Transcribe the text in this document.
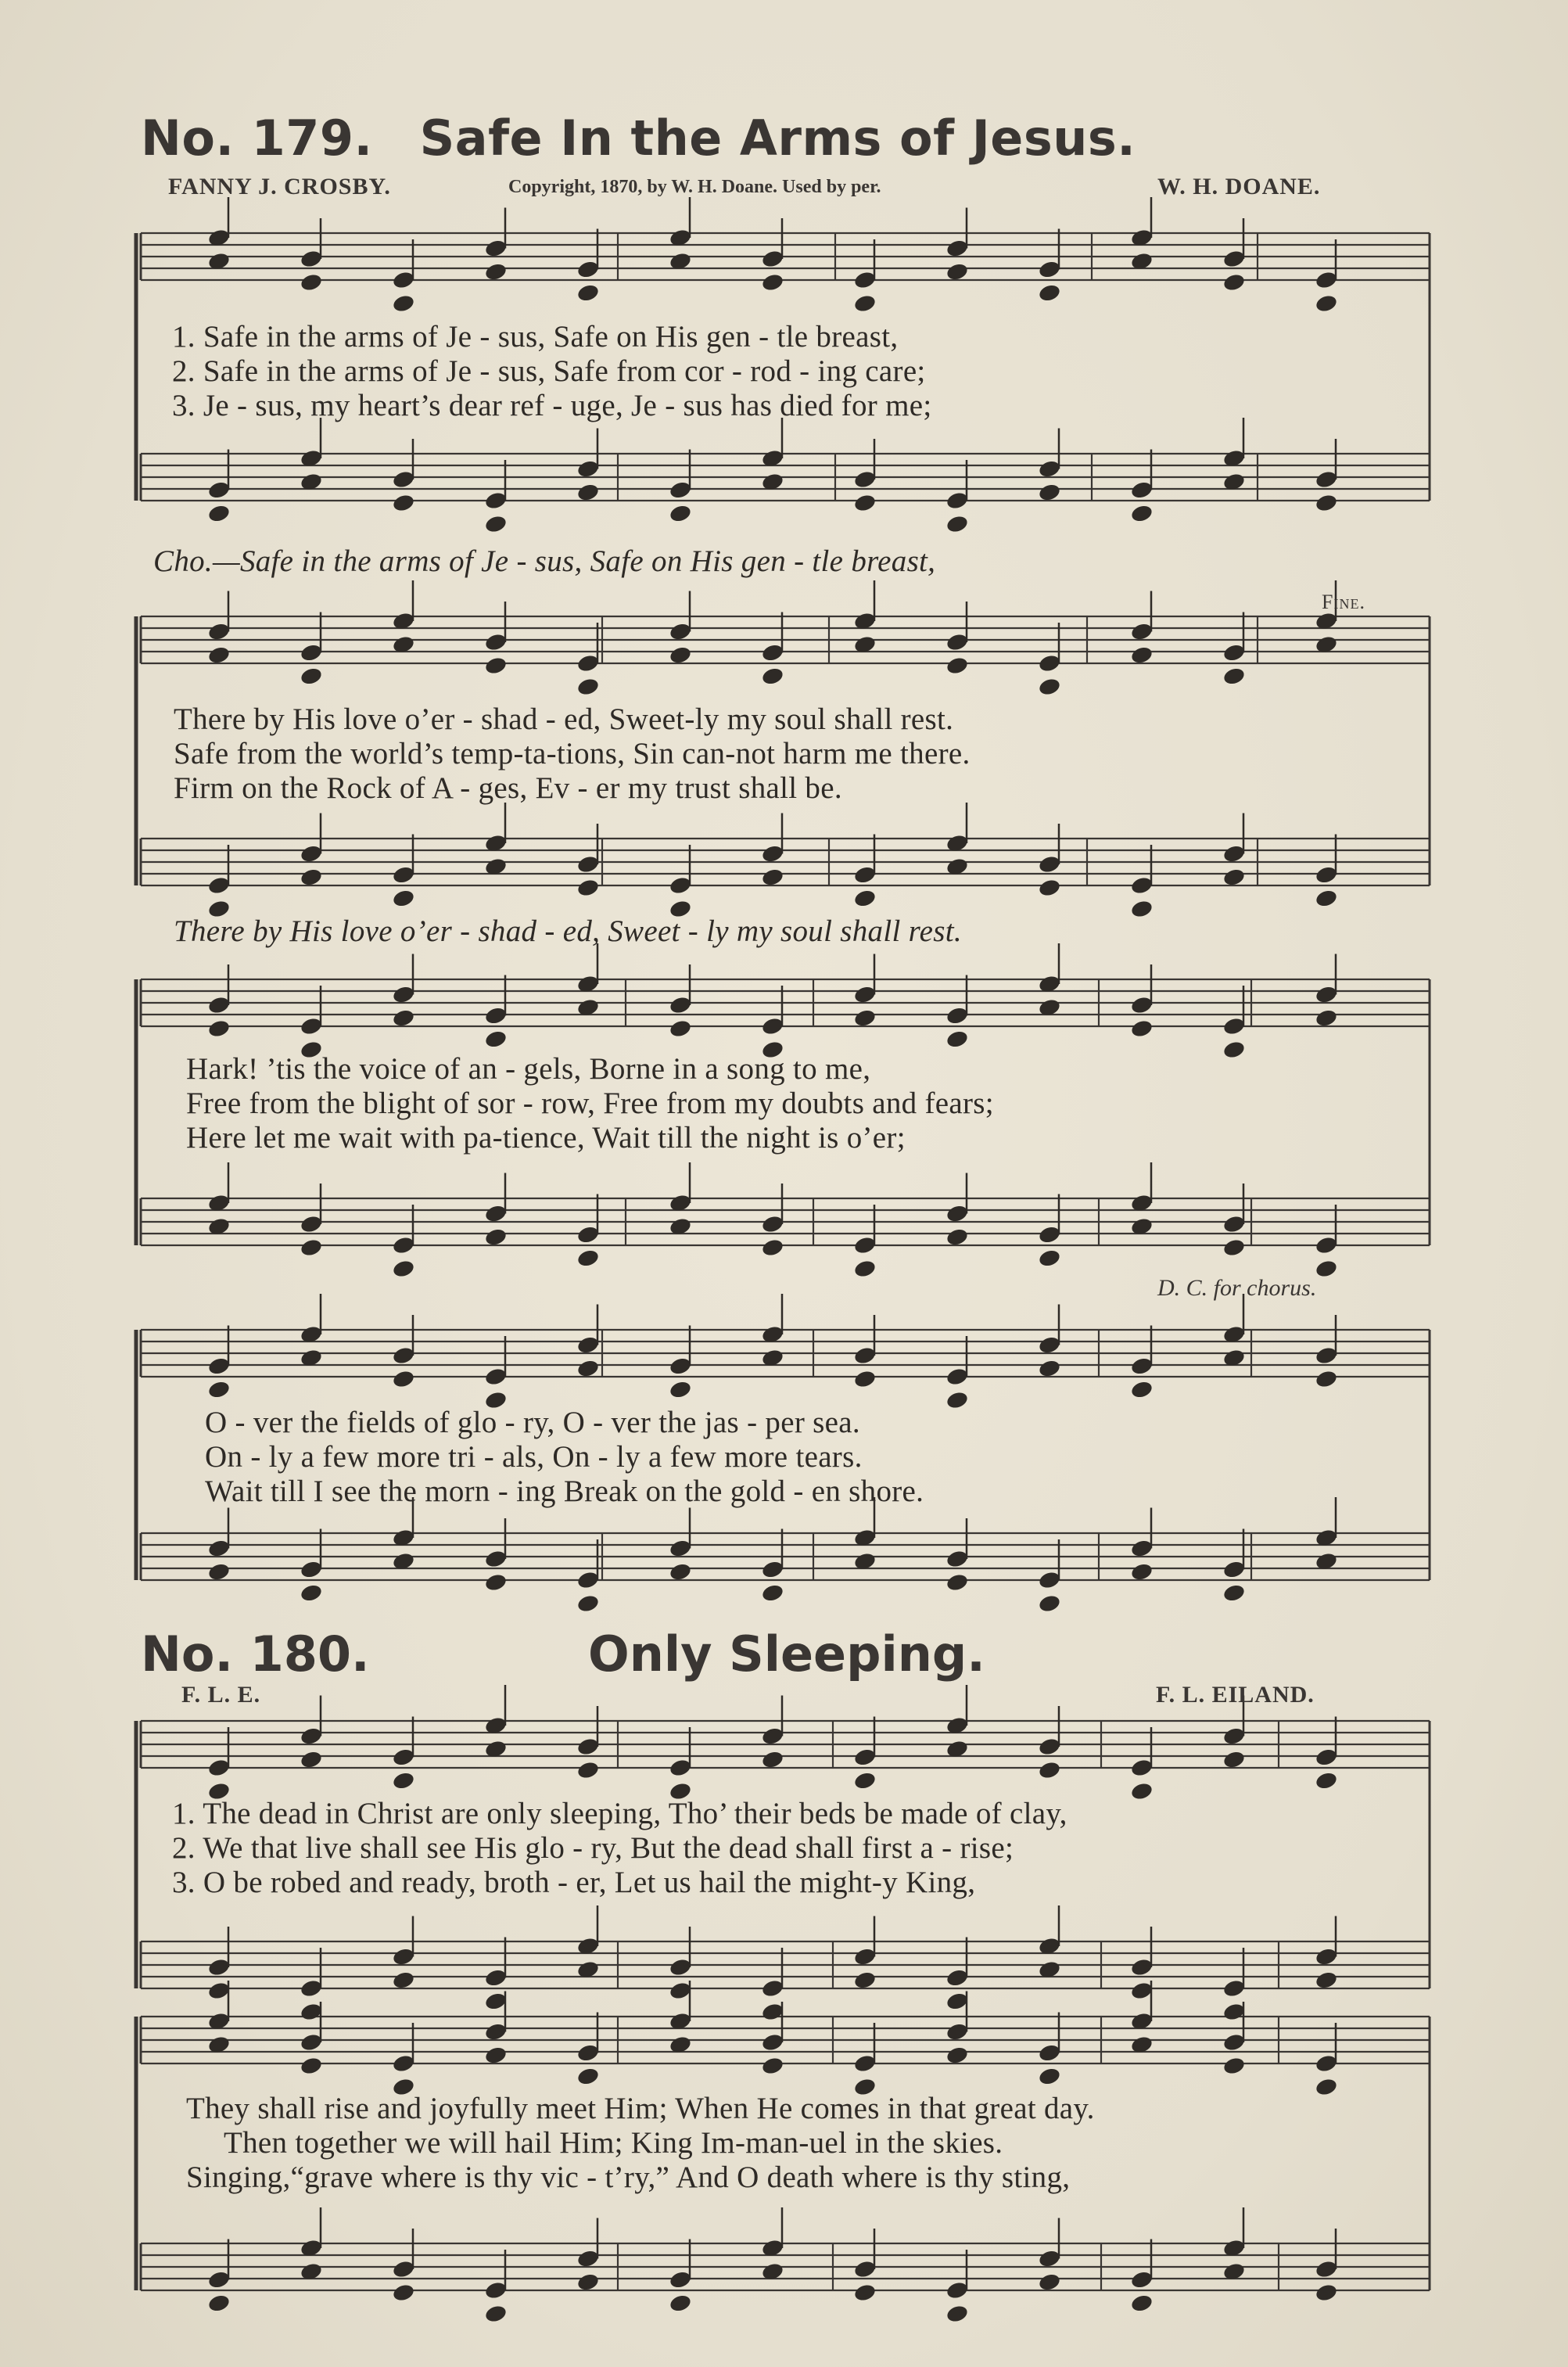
No. 179. Safe In the Arms of Jesus.
FANNY J. CROSBY.	Copyright, 1870, by W. H. Doane. Used by per.	W. H. DOANE.
1. Safe in the arms of Je - sus, Safe on His gen - tle breast,
2. Safe in the arms of Je - sus, Safe from cor - rod - ing care;
3. Je - sus, my heart’s dear ref - uge, Je - sus has died for me;
Cho.—Safe in the arms of Je - sus, Safe on His gen - tle breast,
Fine.
There by His love o’er - shad - ed, Sweet-ly my soul shall rest.
Safe from the world’s temp-ta-tions, Sin can-not harm me there.
Firm on the Rock of A - ges, Ev - er my trust shall be.
There by His love o’er - shad - ed, Sweet - ly my soul shall rest.
Hark! ’tis the voice of an - gels, Borne in a song to me,
Free from the blight of sor - row, Free from my doubts and fears;
Here let me wait with pa-tience, Wait till the night is o’er;
D. C. for chorus.
O - ver the fields of glo - ry, O - ver the jas - per sea.
On - ly a few more tri - als, On - ly a few more tears.
Wait till I see the morn - ing Break on the gold - en shore.
No. 180.	Only Sleeping.
F. L. E.	F. L. EILAND.
1. The dead in Christ are only sleeping, Tho’ their beds be made of clay,
2. We that live shall see His glo - ry, But the dead shall first a - rise;
3. O be robed and ready, broth - er, Let us hail the might-y King,
They shall rise and joyfully meet Him; When He comes in that great day.
Then together we will hail Him; King Im-man-uel in the skies.
Singing,“grave where is thy vic - t’ry,” And O death where is thy sting,
